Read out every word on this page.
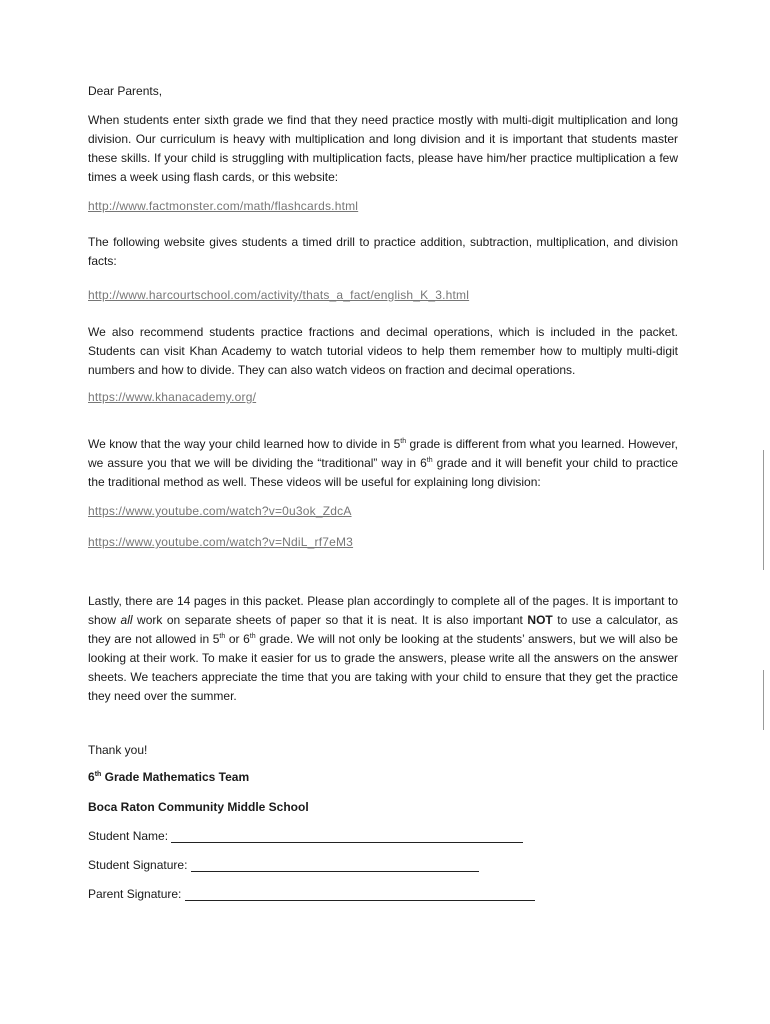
Dear Parents,

When students enter sixth grade we find that they need practice mostly with multi-digit multiplication and long division. Our curriculum is heavy with multiplication and long division and it is important that students master these skills. If your child is struggling with multiplication facts, please have him/her practice multiplication a few times a week using flash cards, or this website:

http://www.factmonster.com/math/flashcards.html

The following website gives students a timed drill to practice addition, subtraction, multiplication, and division facts:

http://www.harcourtschool.com/activity/thats_a_fact/english_K_3.html

We also recommend students practice fractions and decimal operations, which is included in the packet. Students can visit Khan Academy to watch tutorial videos to help them remember how to multiply multi-digit numbers and how to divide. They can also watch videos on fraction and decimal operations.

https://www.khanacademy.org/

We know that the way your child learned how to divide in 5th grade is different from what you learned. However, we assure you that we will be dividing the “traditional” way in 6th grade and it will benefit your child to practice the traditional method as well. These videos will be useful for explaining long division:

https://www.youtube.com/watch?v=0u3ok_ZdcA
https://www.youtube.com/watch?v=NdiL_rf7eM3

Lastly, there are 14 pages in this packet. Please plan accordingly to complete all of the pages. It is important to show all work on separate sheets of paper so that it is neat. It is also important NOT to use a calculator, as they are not allowed in 5th or 6th grade. We will not only be looking at the students’ answers, but we will also be looking at their work. To make it easier for us to grade the answers, please write all the answers on the answer sheets. We teachers appreciate the time that you are taking with your child to ensure that they get the practice they need over the summer.

Thank you!
6th Grade Mathematics Team
Boca Raton Community Middle School
Student Name:
Student Signature:
Parent Signature:
